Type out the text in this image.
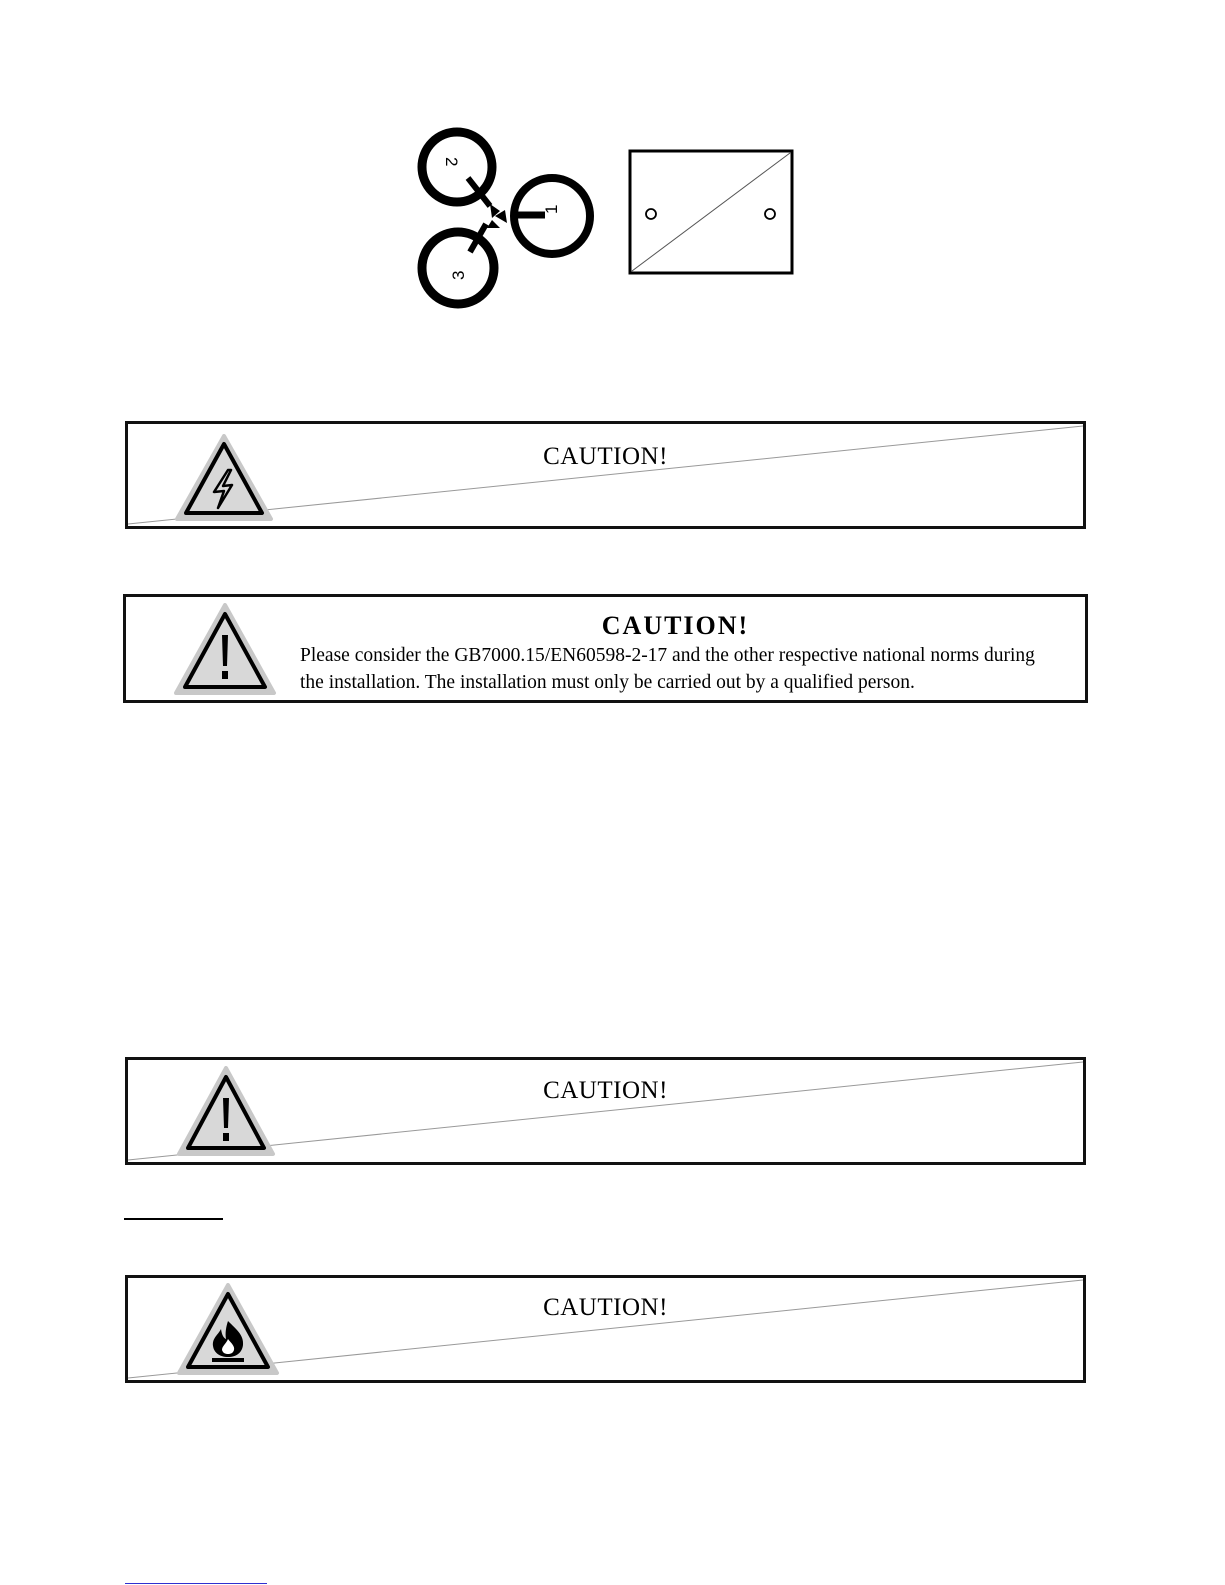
2
1
3
CAUTION!
CAUTION!
Please consider the GB7000.15/EN60598-2-17 and the other respective national norms during
the installation. The installation must only be carried out by a qualified person.
CAUTION!
CAUTION!
